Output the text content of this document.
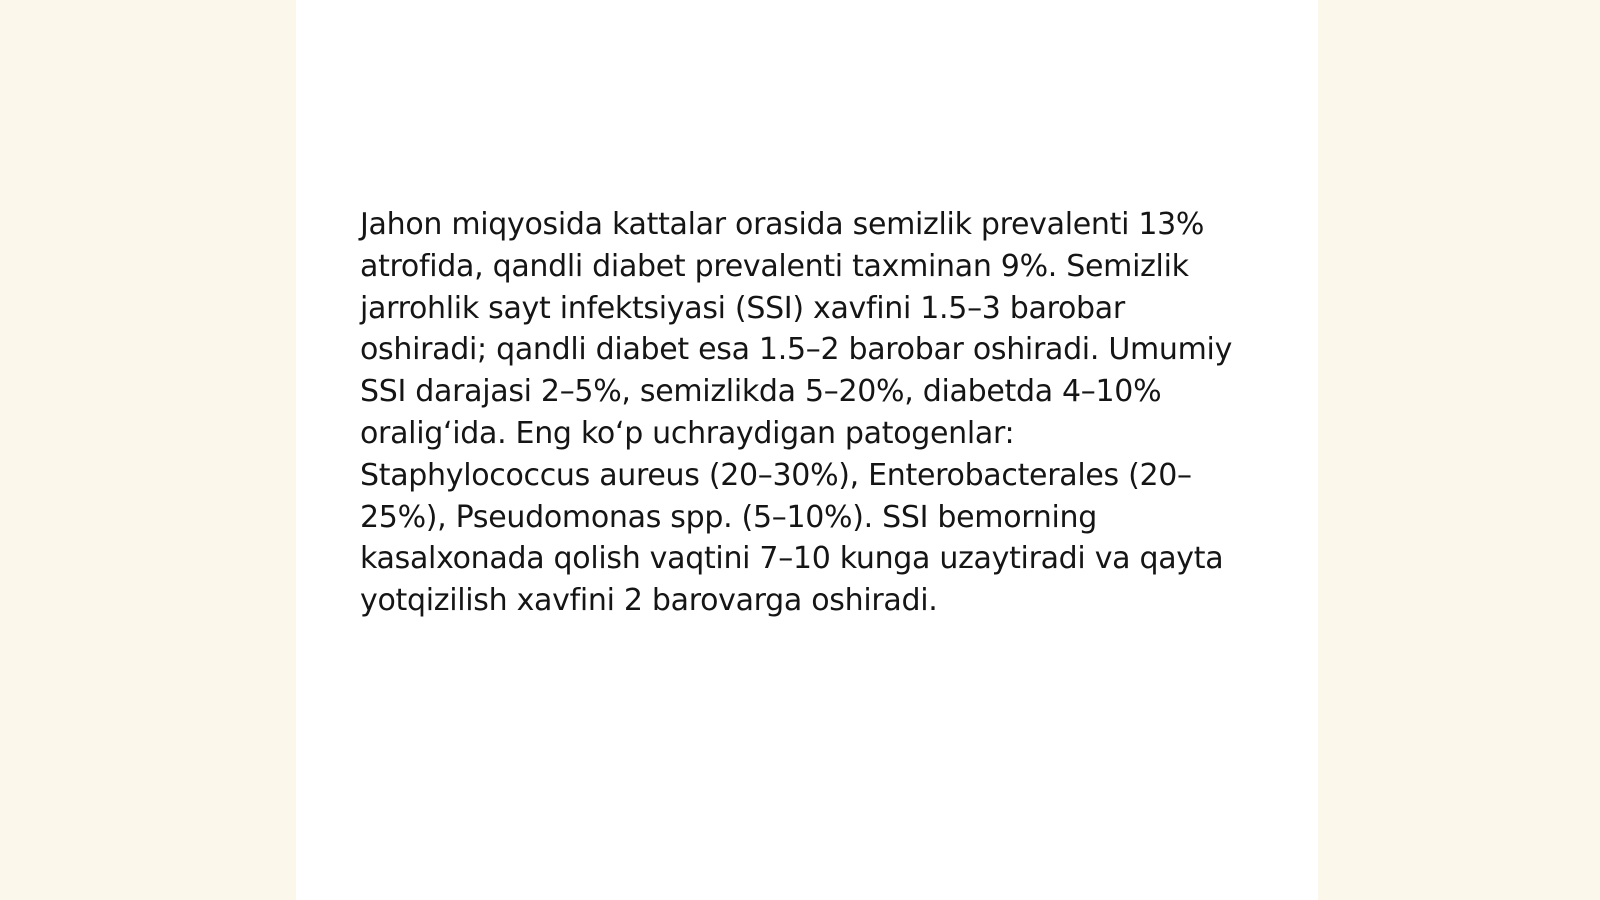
Jahon miqyosida kattalar orasida semizlik prevalenti 13% atrofida, qandli diabet prevalenti taxminan 9%. Semizlik jarrohlik sayt infektsiyasi (SSI) xavfini 1.5–3 barobar oshiradi; qandli diabet esa 1.5–2 barobar oshiradi. Umumiy SSI darajasi 2–5%, semizlikda 5–20%, diabetda 4–10% oralig‘ida. Eng ko‘p uchraydigan patogenlar: Staphylococcus aureus (20–30%), Enterobacterales (20–25%), Pseudomonas spp. (5–10%). SSI bemorning kasalxonada qolish vaqtini 7–10 kunga uzaytiradi va qayta yotqizilish xavfini 2 barovarga oshiradi.
